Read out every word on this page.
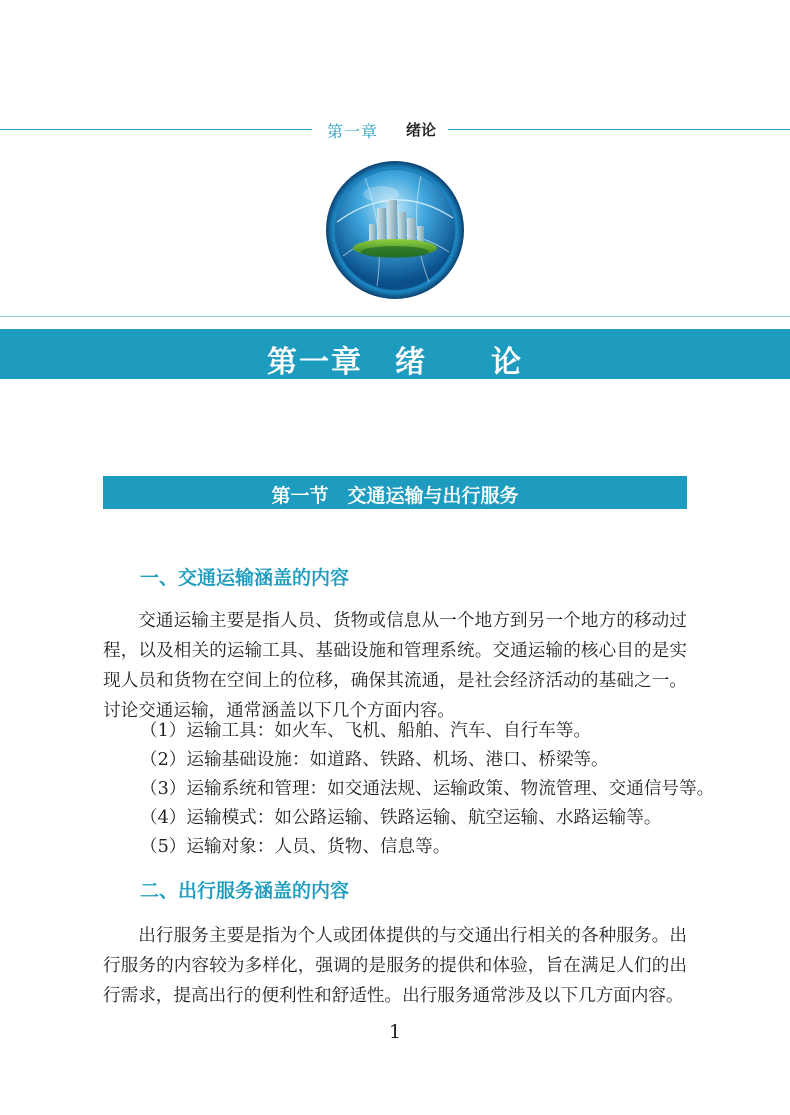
第一章 绪论
第一章　绪　　论
第一节　交通运输与出行服务
一、交通运输涵盖的内容

交通运输主要是指人员、货物或信息从一个地方到另一个地方的移动过程，以及相关的运输工具、基础设施和管理系统。交通运输的核心目的是实现人员和货物在空间上的位移，确保其流通，是社会经济活动的基础之一。讨论交通运输，通常涵盖以下几个方面内容。

（1）运输工具：如火车、飞机、船舶、汽车、自行车等。
（2）运输基础设施：如道路、铁路、机场、港口、桥梁等。
（3）运输系统和管理：如交通法规、运输政策、物流管理、交通信号等。
（4）运输模式：如公路运输、铁路运输、航空运输、水路运输等。
（5）运输对象：人员、货物、信息等。
二、出行服务涵盖的内容

出行服务主要是指为个人或团体提供的与交通出行相关的各种服务。出行服务的内容较为多样化，强调的是服务的提供和体验，旨在满足人们的出行需求，提高出行的便利性和舒适性。出行服务通常涉及以下几方面内容。

1
